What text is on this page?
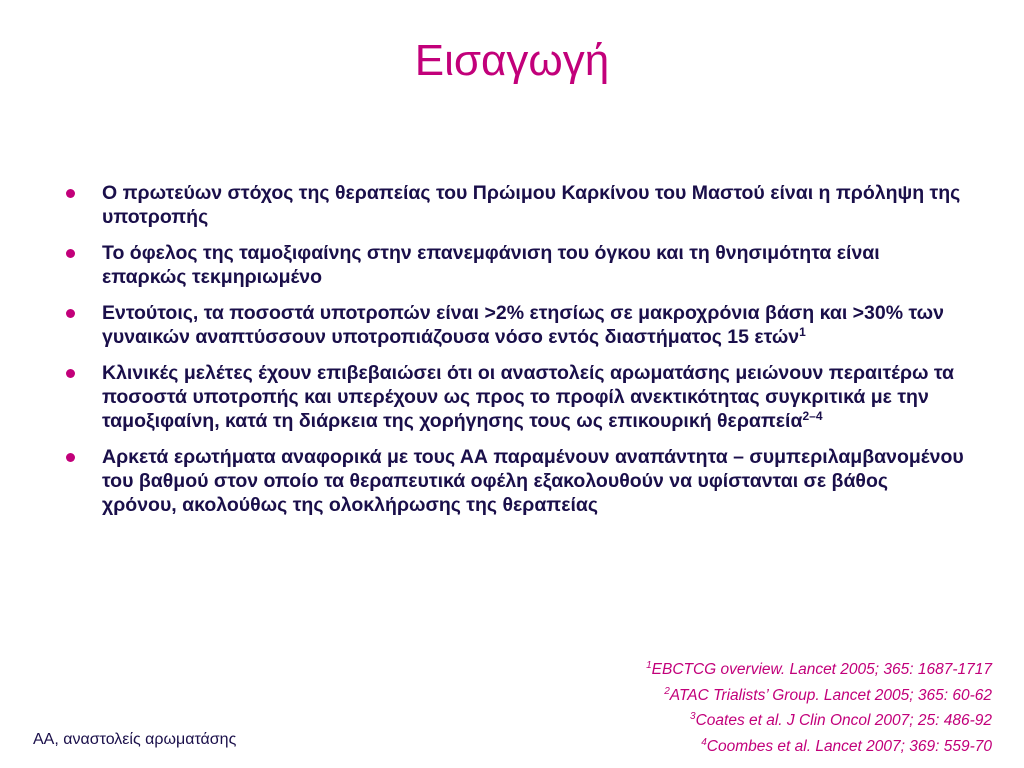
Εισαγωγή
Ο πρωτεύων στόχος της θεραπείας του Πρώιμου Καρκίνου του Μαστού είναι η πρόληψη της υποτροπής
Το όφελος της ταμοξιφαίνης στην επανεμφάνιση του όγκου και τη θνησιμότητα είναι επαρκώς τεκμηριωμένο
Εντούτοις, τα ποσοστά υποτροπών είναι >2% ετησίως σε μακροχρόνια βάση και >30% των γυναικών αναπτύσσουν υποτροπιάζουσα νόσο εντός διαστήματος 15 ετών$^1$
Κλινικές μελέτες έχουν επιβεβαιώσει ότι οι αναστολείς αρωματάσης μειώνουν περαιτέρω τα ποσοστά υποτροπής και υπερέχουν ως προς το προφίλ ανεκτικότητας συγκριτικά με την ταμοξιφαίνη, κατά τη διάρκεια της χορήγησης τους ως επικουρική θεραπεία$^{2-4}$
Αρκετά ερωτήματα αναφορικά με τους ΑΑ παραμένουν αναπάντητα – συμπεριλαμβανομένου του βαθμού στον οποίο τα θεραπευτικά οφέλη εξακολουθούν να υφίστανται σε βάθος χρόνου, ακολούθως της ολοκλήρωσης της θεραπείας
$^1$EBCTCG overview. Lancet 2005; 365: 1687-1717
$^2$ATAC Trialists’ Group. Lancet 2005; 365: 60-62
$^3$Coates et al. J Clin Oncol 2007; 25: 486-92
$^4$Coombes et al. Lancet 2007; 369: 559-70
ΑΑ, αναστολείς αρωματάσης
